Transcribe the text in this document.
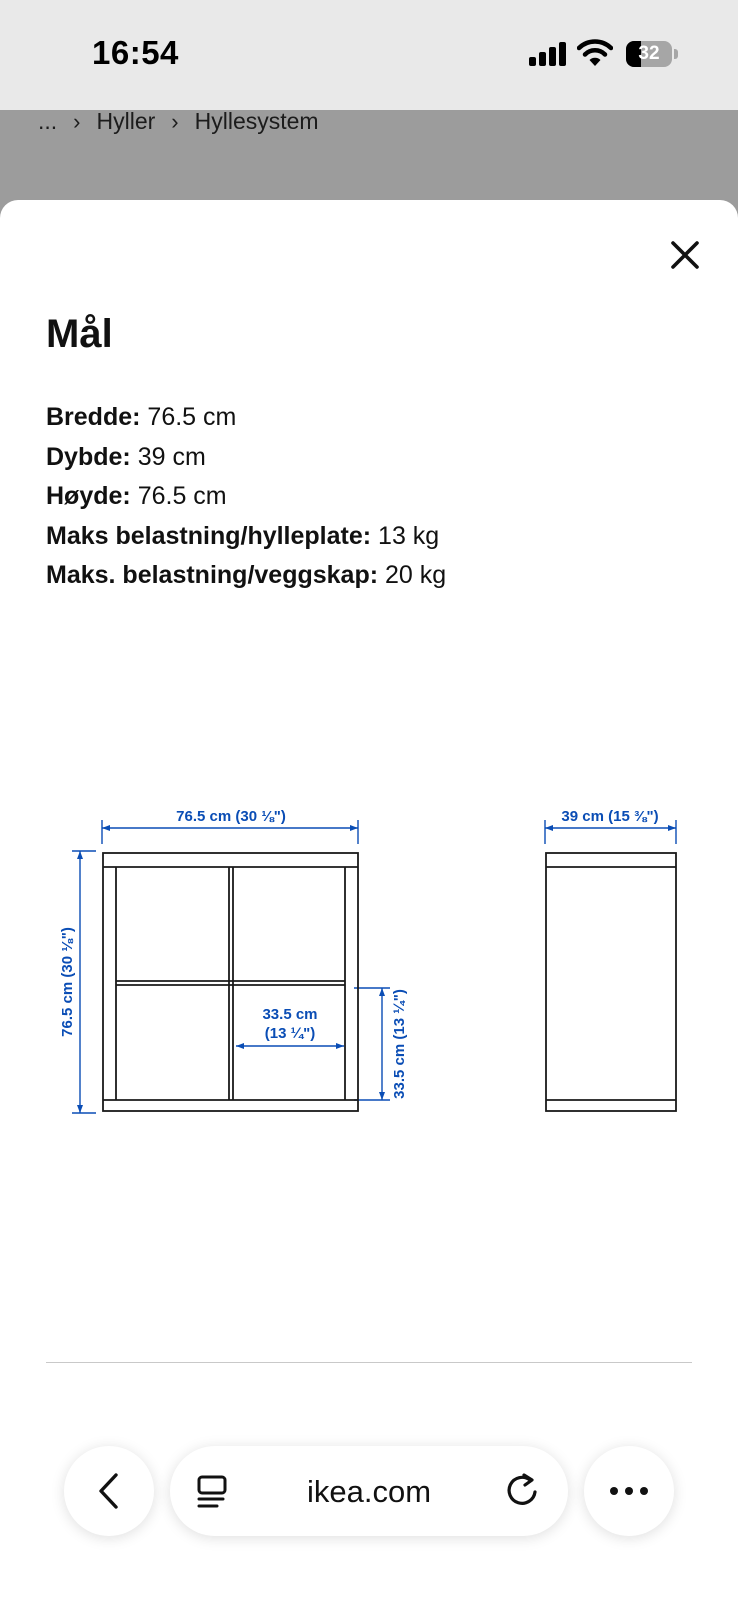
16:54	32
... › Hyller › Hyllesystem
Mål
Bredde: 76.5 cm
Dybde: 39 cm
Høyde: 76.5 cm
Maks belastning/hylleplate: 13 kg
Maks. belastning/veggskap: 20 kg
76.5 cm (30 ⅛")
76.5 cm (30 ⅛")	33.5 cm
(13 ¼")	33.5 cm (13 ¼")
39 cm (15 ⅜")
ikea.com
